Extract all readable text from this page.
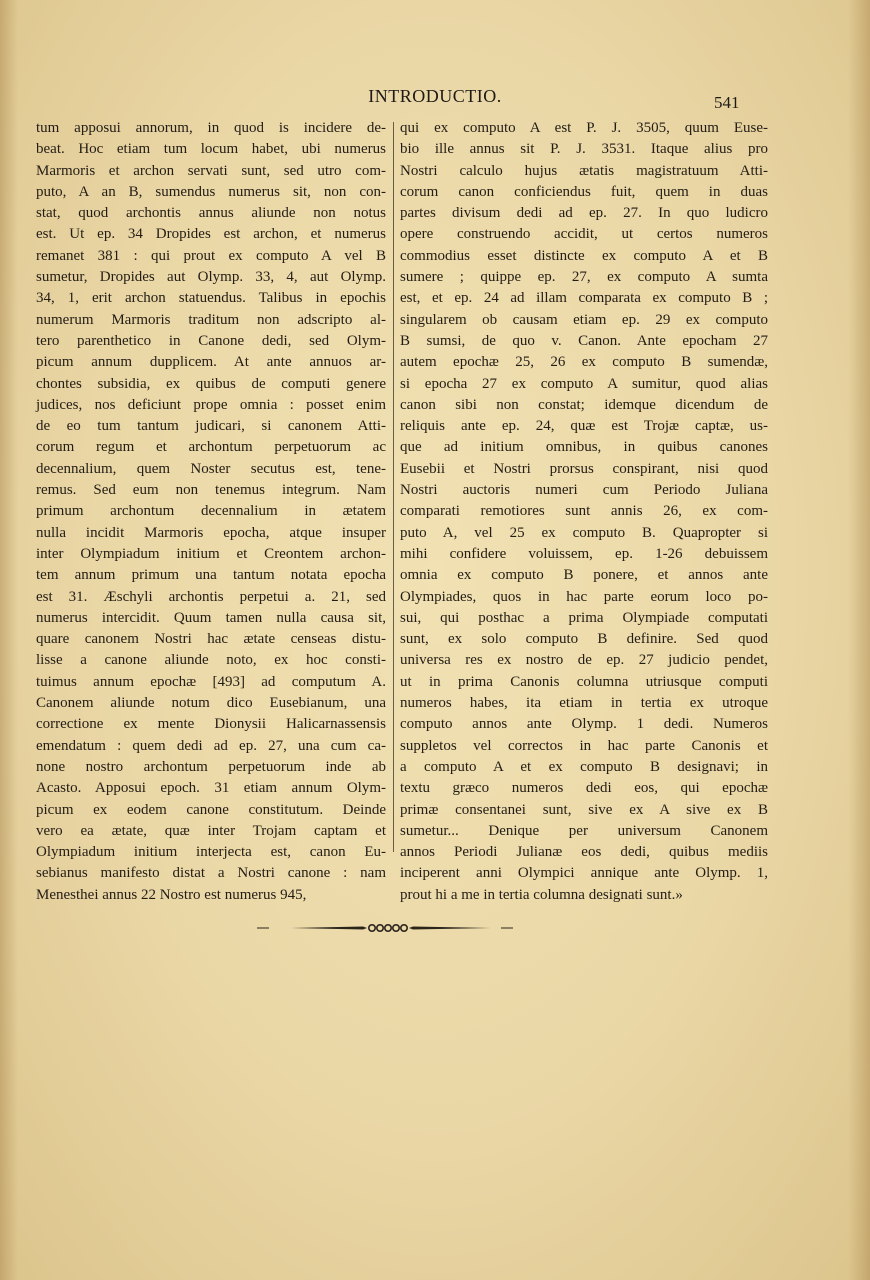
INTRODUCTIO.	541
tum apposui annorum, in quod is incidere de-
beat. Hoc etiam tum locum habet, ubi numerus
Marmoris et archon servati sunt, sed utro com-
puto, A an B, sumendus numerus sit, non con-
stat, quod archontis annus aliunde non notus
est. Ut ep. 34 Dropides est archon, et numerus
remanet 381 : qui prout ex computo A vel B
sumetur, Dropides aut Olymp. 33, 4, aut Olymp.
34, 1, erit archon statuendus. Talibus in epochis
numerum Marmoris traditum non adscripto al-
tero parenthetico in Canone dedi, sed Olym-
picum annum dupplicem. At ante annuos ar-
chontes subsidia, ex quibus de computi genere
judices, nos deficiunt prope omnia : posset enim
de eo tum tantum judicari, si canonem Atti-
corum regum et archontum perpetuorum ac
decennalium, quem Noster secutus est, tene-
remus. Sed eum non tenemus integrum. Nam
primum archontum decennalium in ætatem
nulla incidit Marmoris epocha, atque insuper
inter Olympiadum initium et Creontem archon-
tem annum primum una tantum notata epocha
est 31. Æschyli archontis perpetui a. 21, sed
numerus intercidit. Quum tamen nulla causa sit,
quare canonem Nostri hac ætate censeas distu-
lisse a canone aliunde noto, ex hoc consti-
tuimus annum epochæ [493] ad computum A.
Canonem aliunde notum dico Eusebianum, una
correctione ex mente Dionysii Halicarnassensis
emendatum : quem dedi ad ep. 27, una cum ca-
none nostro archontum perpetuorum inde ab
Acasto. Apposui epoch. 31 etiam annum Olym-
picum ex eodem canone constitutum. Deinde
vero ea ætate, quæ inter Trojam captam et
Olympiadum initium interjecta est, canon Eu-
sebianus manifesto distat a Nostri canone : nam
Menesthei annus 22 Nostro est numerus 945,
qui ex computo A est P. J. 3505, quum Euse-
bio ille annus sit P. J. 3531. Itaque alius pro
Nostri calculo hujus ætatis magistratuum Atti-
corum canon conficiendus fuit, quem in duas
partes divisum dedi ad ep. 27. In quo ludicro
opere construendo accidit, ut certos numeros
commodius esset distincte ex computo A et B
sumere ; quippe ep. 27, ex computo A sumta
est, et ep. 24 ad illam comparata ex computo B ;
singularem ob causam etiam ep. 29 ex computo
B sumsi, de quo v. Canon. Ante epocham 27
autem epochæ 25, 26 ex computo B sumendæ,
si epocha 27 ex computo A sumitur, quod alias
canon sibi non constat; idemque dicendum de
reliquis ante ep. 24, quæ est Trojæ captæ, us-
que ad initium omnibus, in quibus canones
Eusebii et Nostri prorsus conspirant, nisi quod
Nostri auctoris numeri cum Periodo Juliana
comparati remotiores sunt annis 26, ex com-
puto A, vel 25 ex computo B. Quapropter si
mihi confidere voluissem, ep. 1-26 debuissem
omnia ex computo B ponere, et annos ante
Olympiades, quos in hac parte eorum loco po-
sui, qui posthac a prima Olympiade computati
sunt, ex solo computo B definire. Sed quod
universa res ex nostro de ep. 27 judicio pendet,
ut in prima Canonis columna utriusque computi
numeros habes, ita etiam in tertia ex utroque
computo annos ante Olymp. 1 dedi. Numeros
suppletos vel correctos in hac parte Canonis et
a computo A et ex computo B designavi; in
textu græco numeros dedi eos, qui epochæ
primæ consentanei sunt, sive ex A sive ex B
sumetur... Denique per universum Canonem
annos Periodi Julianæ eos dedi, quibus mediis
inciperent anni Olympici annique ante Olymp. 1,
prout hi a me in tertia columna designati sunt.»
